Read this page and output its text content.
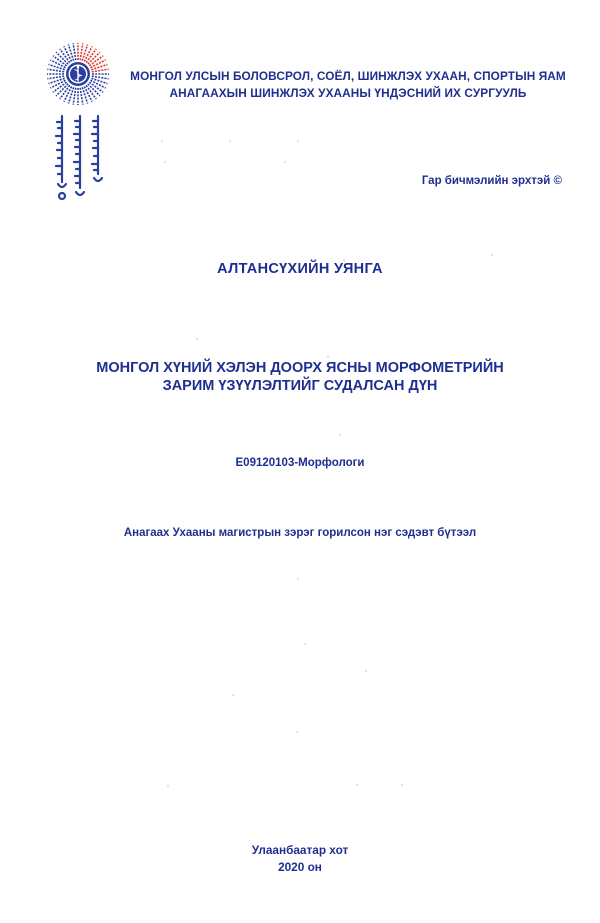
МОНГОЛ УЛСЫН БОЛОВСРОЛ, СОЁЛ, ШИНЖЛЭХ УХААН, СПОРТЫН ЯАМ
АНАГААХЫН ШИНЖЛЭХ УХААНЫ ҮНДЭСНИЙ ИХ СУРГУУЛЬ
Гар бичмэлийн эрхтэй ©
АЛТАНСҮХИЙН УЯНГА
МОНГОЛ ХҮНИЙ ХЭЛЭН ДООРХ ЯСНЫ МОРФОМЕТРИЙН
ЗАРИМ ҮЗҮҮЛЭЛТИЙГ СУДАЛСАН ДҮН
E09120103-Морфологи
Анагаах Ухааны магистрын зэрэг горилсон нэг сэдэвт бүтээл
Улаанбаатар хот
2020 он
